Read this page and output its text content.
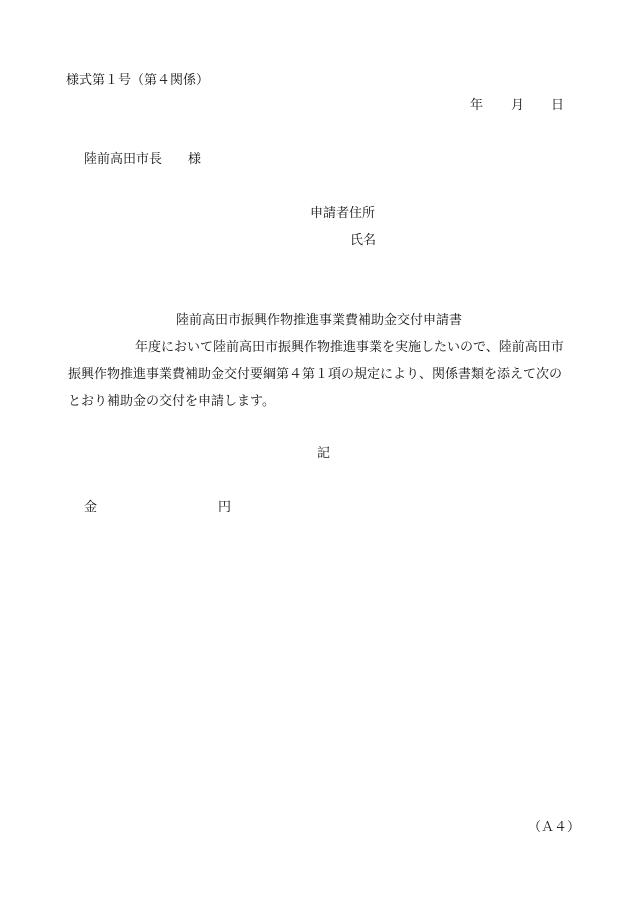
様式第１号（第４関係）
年 月 日
陸前高田市長 様
申請者住所
氏名
陸前高田市振興作物推進事業費補助金交付申請書
年度において陸前高田市振興作物推進事業を実施したいので、陸前高田市
振興作物推進事業費補助金交付要綱第４第１項の規定により、関係書類を添えて次の
とおり補助金の交付を申請します。
記
金	円
（Ａ４）
